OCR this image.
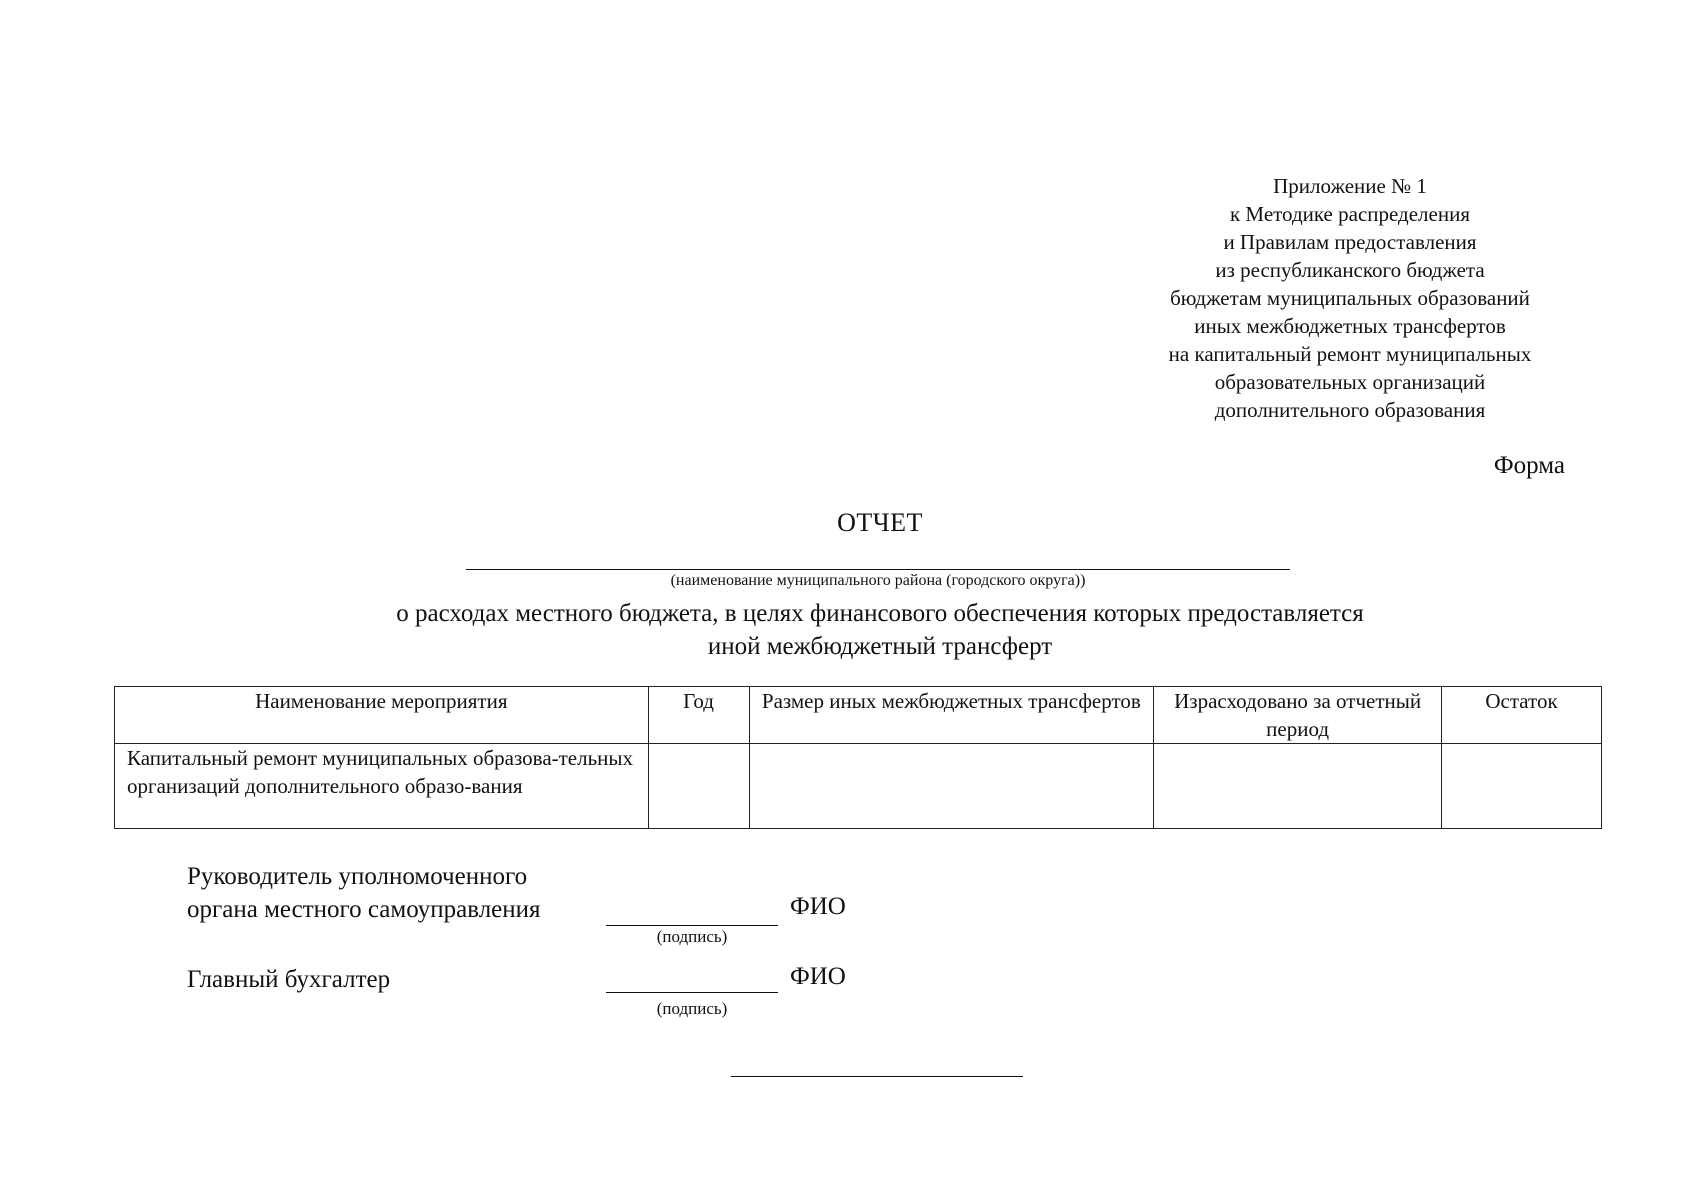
Приложение № 1
к Методике распределения
и Правилам предоставления
из республиканского бюджета
бюджетам муниципальных образований
иных межбюджетных трансфертов
на капитальный ремонт муниципальных
образовательных организаций
дополнительного образования
Форма
ОТЧЕТ
(наименование муниципального района (городского округа))
о расходах местного бюджета, в целях финансового обеспечения которых предоставляется
иной межбюджетный трансферт
Наименование мероприятия	Год	Размер иных межбюджетных трансфертов	Израсходовано за отчетный период	Остаток
Капитальный ремонт муниципальных образова-тельных организаций дополнительного образо-вания				
Руководитель уполномоченного
органа местного самоуправления
(подпись)
ФИО
Главный бухгалтер
(подпись)
ФИО
